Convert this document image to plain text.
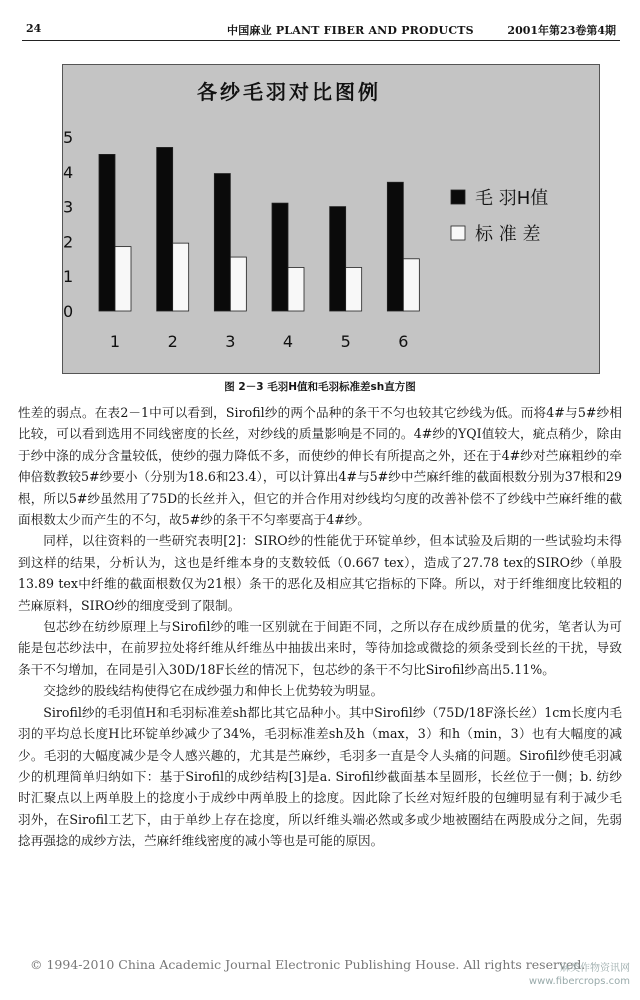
24	中国麻业 PLANT FIBER AND PRODUCTS	2001年第23卷第4期
各纱毛羽对比图例
0
1
2
3
4
5
1	2	3	4	5	6
毛 羽H值
标 准 差
图 2－3 毛羽H值和毛羽标准差sh直方图

性差的弱点。在表2－1中可以看到，Sirofil纱的两个品种的条干不匀也较其它纱线为低。而将4#与5#纱相比较，可以看到选用不同线密度的长丝，对纱线的质量影响是不同的。4#纱的YQI值较大，疵点稍少，除由于纱中涤的成分含量较低，使纱的强力降低不多，而使纱的伸长有所提高之外，还在于4#纱对苎麻粗纱的牵伸倍数教较5#纱要小（分别为18.6和23.4），可以计算出4#与5#纱中苎麻纤维的截面根数分别为37根和29根，所以5#纱虽然用了75D的长丝并入，但它的并合作用对纱线均匀度的改善补偿不了纱线中苎麻纤维的截面根数太少而产生的不匀，故5#纱的条干不匀率要高于4#纱。

同样，以往资料的一些研究表明[2]：SIRO纱的性能优于环锭单纱，但本试验及后期的一些试验均未得到这样的结果，分析认为，这也是纤维本身的支数较低（0.667 tex），造成了27.78 tex的SIRO纱（单股13.89 tex中纤维的截面根数仅为21根）条干的恶化及相应其它指标的下降。所以，对于纤维细度比较粗的苎麻原料，SIRO纱的细度受到了限制。

包芯纱在纺纱原理上与Sirofil纱的唯一区别就在于间距不同，之所以存在成纱质量的优劣，笔者认为可能是包芯纱法中，在前罗拉处将纤维从纤维丛中抽拔出来时，等待加捻或微捻的须条受到长丝的干扰，导致条干不匀增加，在同是引入30D/18F长丝的情况下，包芯纱的条干不匀比Sirofil纱高出5.11%。

交捻纱的股线结构使得它在成纱强力和伸长上优势较为明显。

Sirofil纱的毛羽值H和毛羽标准差sh都比其它品种小。其中Sirofil纱（75D/18F涤长丝）1cm长度内毛羽的平均总长度H比环锭单纱减少了34%，毛羽标准差sh及h（max，3）和h（min，3）也有大幅度的减少。毛羽的大幅度减少是令人感兴趣的，尤其是苎麻纱，毛羽多一直是令人头痛的问题。Sirofil纱使毛羽减少的机理简单归纳如下：基于Sirofil的成纱结构[3]是a. Sirofil纱截面基本呈圆形，长丝位于一侧；b. 纺纱时汇聚点以上两单股上的捻度小于成纱中两单股上的捻度。因此除了长丝对短纤股的包缠明显有利于减少毛羽外，在Sirofil工艺下，由于单纱上存在捻度，所以纤维头端必然或多或少地被圈结在两股成分之间，先弱捻再强捻的成纱方法，苎麻纤维线密度的减小等也是可能的原因。

© 1994-2010 China Academic Journal Electronic Publishing House. All rights reserved.
麻类作物资讯网
www.fibercrops.com
